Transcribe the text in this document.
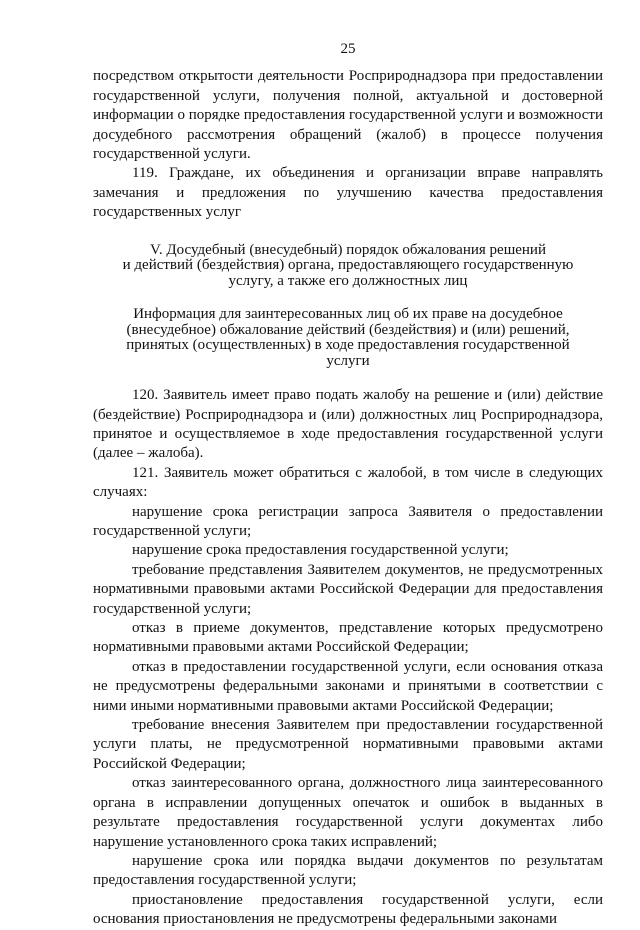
25

посредством открытости деятельности Росприроднадзора при предоставлении государственной услуги, получения полной, актуальной и достоверной информации о порядке предоставления государственной услуги и возможности досудебного рассмотрения обращений (жалоб) в процессе получения государственной услуги.

119. Граждане, их объединения и организации вправе направлять замечания и предложения по улучшению качества предоставления государственных услуг

V. Досудебный (внесудебный) порядок обжалования решений
и действий (бездействия) органа, предоставляющего государственную
услугу, а также его должностных лиц
Информация для заинтересованных лиц об их праве на досудебное
(внесудебное) обжалование действий (бездействия) и (или) решений,
принятых (осуществленных) в ходе предоставления государственной
услуги

120. Заявитель имеет право подать жалобу на решение и (или) действие (бездействие) Росприроднадзора и (или) должностных лиц Росприроднадзора, принятое и осуществляемое в ходе предоставления государственной услуги (далее – жалоба).

121. Заявитель может обратиться с жалобой, в том числе в следующих случаях:

нарушение срока регистрации запроса Заявителя о предоставлении государственной услуги;

нарушение срока предоставления государственной услуги;

требование представления Заявителем документов, не предусмотренных нормативными правовыми актами Российской Федерации для предоставления государственной услуги;

отказ в приеме документов, представление которых предусмотрено нормативными правовыми актами Российской Федерации;

отказ в предоставлении государственной услуги, если основания отказа не предусмотрены федеральными законами и принятыми в соответствии с ними иными нормативными правовыми актами Российской Федерации;

требование внесения Заявителем при предоставлении государственной услуги платы, не предусмотренной нормативными правовыми актами Российской Федерации;

отказ заинтересованного органа, должностного лица заинтересованного органа в исправлении допущенных опечаток и ошибок в выданных в результате предоставления государственной услуги документах либо нарушение установленного срока таких исправлений;

нарушение срока или порядка выдачи документов по результатам предоставления государственной услуги;

приостановление предоставления государственной услуги, если основания приостановления не предусмотрены федеральными законами
